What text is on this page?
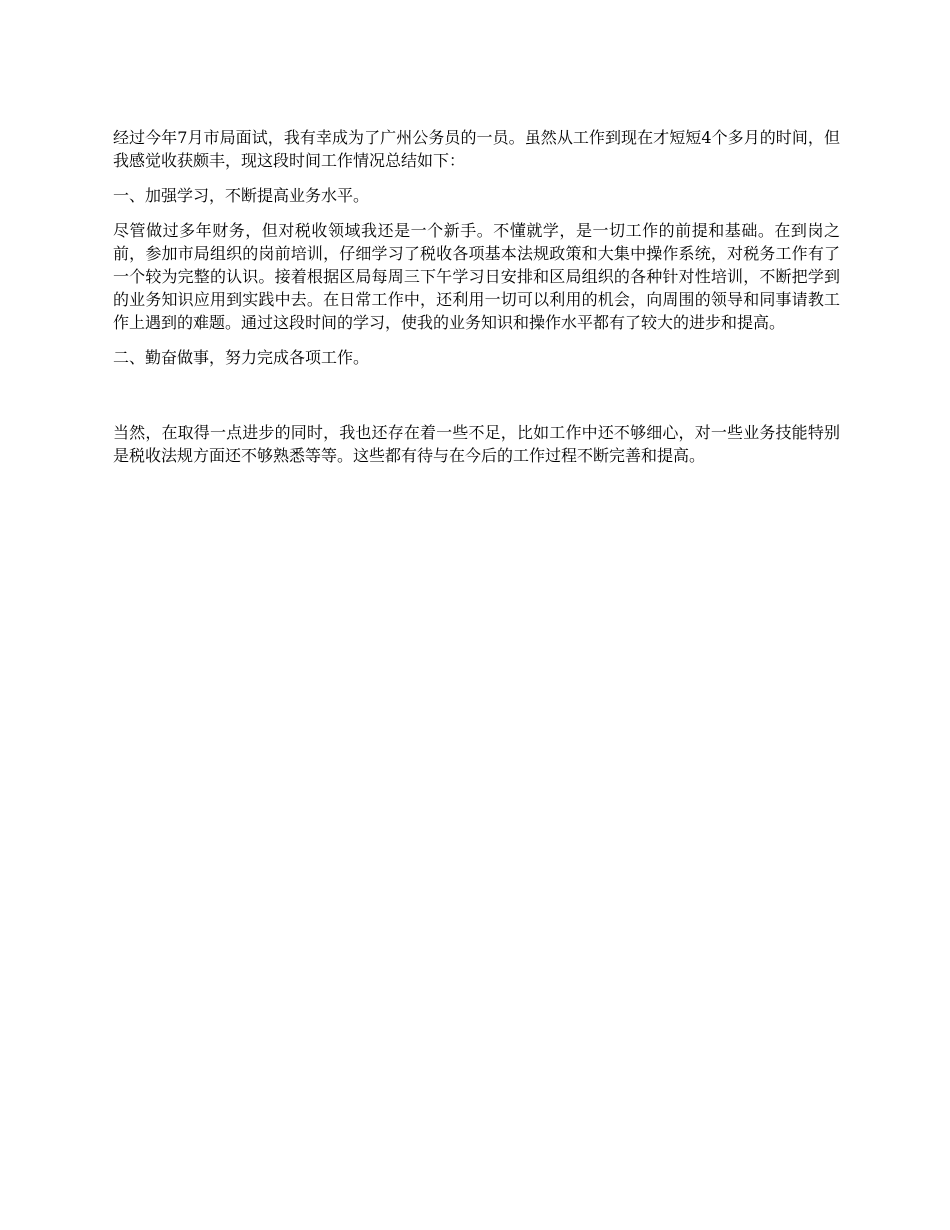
经过今年7月市局面试，我有幸成为了广州公务员的一员。虽然从工作到现在才短短4个多月的时间，但我感觉收获颇丰，现这段时间工作情况总结如下：

一、加强学习，不断提高业务水平。

尽管做过多年财务，但对税收领域我还是一个新手。不懂就学，是一切工作的前提和基础。在到岗之前，参加市局组织的岗前培训，仔细学习了税收各项基本法规政策和大集中操作系统，对税务工作有了一个较为完整的认识。接着根据区局每周三下午学习日安排和区局组织的各种针对性培训，不断把学到的业务知识应用到实践中去。在日常工作中，还利用一切可以利用的机会，向周围的领导和同事请教工作上遇到的难题。通过这段时间的学习，使我的业务知识和操作水平都有了较大的进步和提高。

二、勤奋做事，努力完成各项工作。

当然，在取得一点进步的同时，我也还存在着一些不足，比如工作中还不够细心，对一些业务技能特别是税收法规方面还不够熟悉等等。这些都有待与在今后的工作过程不断完善和提高。
